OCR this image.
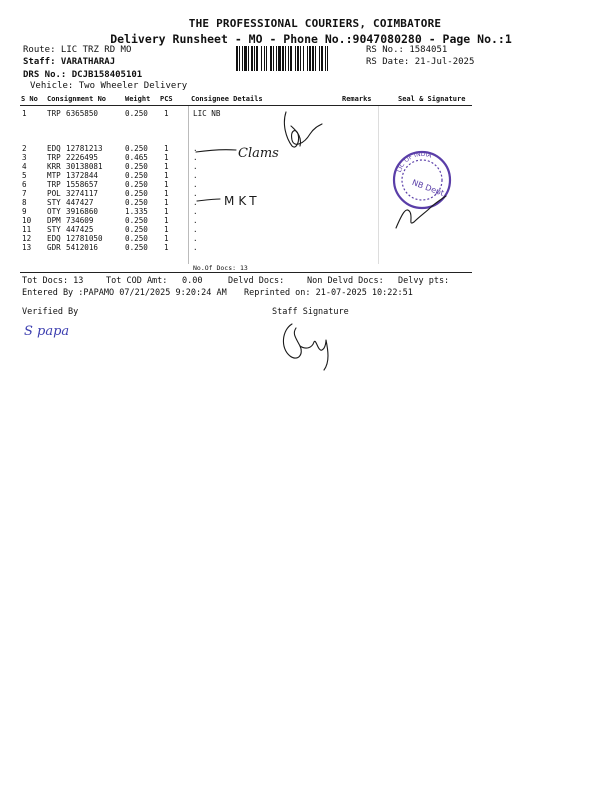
THE PROFESSIONAL COURIERS, COIMBATORE
Delivery Runsheet - MO - Phone No.:9047080280 - Page No.:1
Route: LIC TRZ RD MO
Staff: VARATHARAJ
DRS No.: DCJB158405101
Vehicle: Two Wheeler Delivery
RS No.: 1584051
RS Date: 21-Jul-2025
S No Consignment No	Weight PCS	Consignee Details	Remarks	Seal & Signature
1	TRP 6365850	0.250 1	LIC NB
2	EDQ 12781213	0.250 1	.
3	TRP 2226495	0.465 1	.
4	KRR 30138081	0.250 1	.
5	MTP 1372844	0.250 1	.
6	TRP 1558657	0.250 1	.
7	POL 3274117	0.250 1	.
8	STY 447427	0.250 1	.
9	OTY 3916860	1.335 1	.
10 DPM 734609	0.250 1	.
11 STY 447425	0.250 1	.
12 EDQ 12781050	0.250 1	.
13 GDR 5412016	0.250 1	.
No.Of Docs: 13
Tot Docs: 13	Tot COD Amt: 0.00	Delvd Docs:	Non Delvd Docs: Delvy pts:
Entered By :PAPAMO 07/21/2025 9:20:24 AM Reprinted on: 21-07-2025 10:22:51
Verified By	Staff Signature
Clams
MKT
LIC OF INDIA
NB Dept
S papa
